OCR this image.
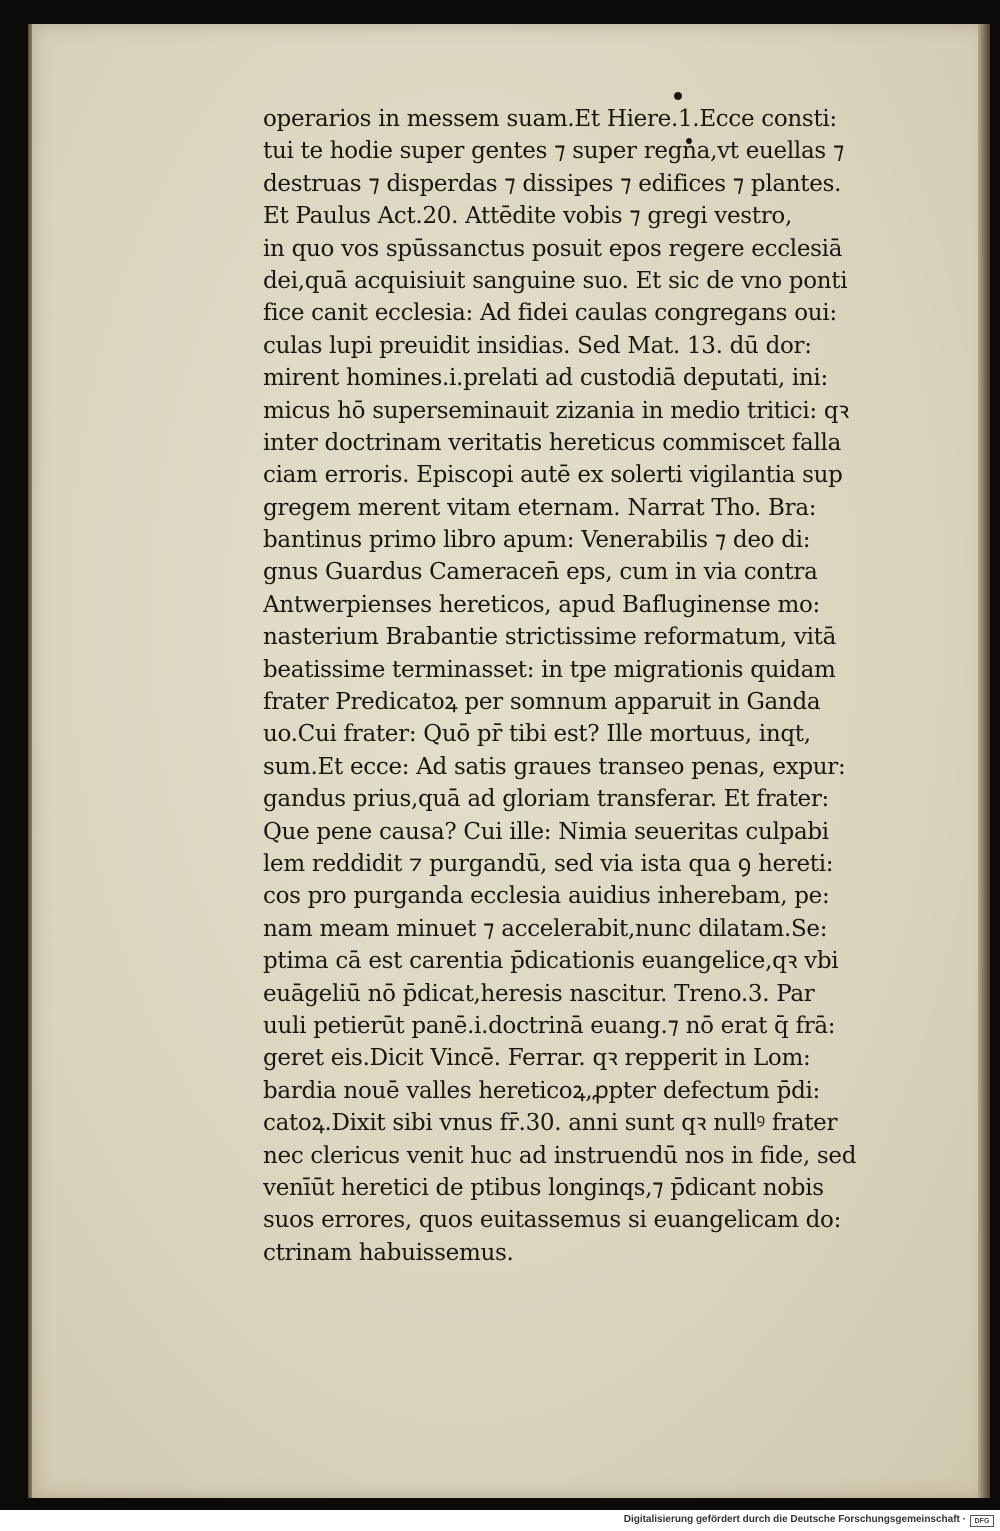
operarios in messem suam.Et Hiere.1.Ecce consti:
tui te hodie super gentes ⁊ super regna,vt euellas ⁊
destruas ⁊ disperdas ⁊ dissipes ⁊ edifices ⁊ plantes.
Et Paulus Act.20. Attēdite vobis ⁊ gregi vestro,
in quo vos spūssanctus posuit epos regere ecclesiā
dei,quā acquisiuit sanguine suo. Et sic de vno ponti
fice canit ecclesia: Ad fidei caulas congregans oui:
culas lupi preuidit insidias. Sed Mat. 13. dū dor:
mirent homines.i.prelati ad custodiā deputati, ini:
micus hō superseminauit zizania in medio tritici: qꝛ
inter doctrinam veritatis hereticus commiscet falla
ciam erroris. Episcopi autē ex solerti vigilantia sup
gregem merent vitam eternam. Narrat Tho. Bra:
bantinus primo libro apum: Venerabilis ⁊ deo di:
gnus Guardus Cameracen̄ eps, cum in via contra
Antwerpienses hereticos, apud Bafluginense mo:
nasterium Brabantie strictissime reformatum, vitā
beatissime terminasset: in tpe migrationis quidam
frater Predicatoꝝ per somnum apparuit in Ganda
uo.Cui frater: Quō pr̄ tibi est? Ille mortuus, inqt,
sum.Et ecce: Ad satis graues transeo penas, expur:
gandus prius,quā ad gloriam transferar. Et frater:
Que pene causa? Cui ille: Nimia seueritas culpabi
lem reddidit ⁊ purgandū, sed via ista qua ꝯ hereti:
cos pro purganda ecclesia auidius inherebam, pe:
nam meam minuet ⁊ accelerabit,nunc dilatam.Se:
ptima cā est carentia p̄dicationis euangelice,qꝛ vbi
euāgeliū nō p̄dicat,heresis nascitur. Treno.3. Par
uuli petierūt panē.i.doctrinā euang.⁊ nō erat q̄ frā:
geret eis.Dicit Vincē. Ferrar. qꝛ repperit in Lom:
bardia nouē valles hereticoꝝ,ꝓpter defectum p̄di:
catoꝝ.Dixit sibi vnus fr̄.30. anni sunt qꝛ nullꝰ frater
nec clericus venit huc ad instruendū nos in fide, sed
venīūt heretici de ptibus longinqs,⁊ p̄dicant nobis
suos errores, quos euitassemus si euangelicam do:
ctrinam habuissemus.
Digitalisierung gefördert durch die Deutsche Forschungsgemeinschaft ·	DFG
